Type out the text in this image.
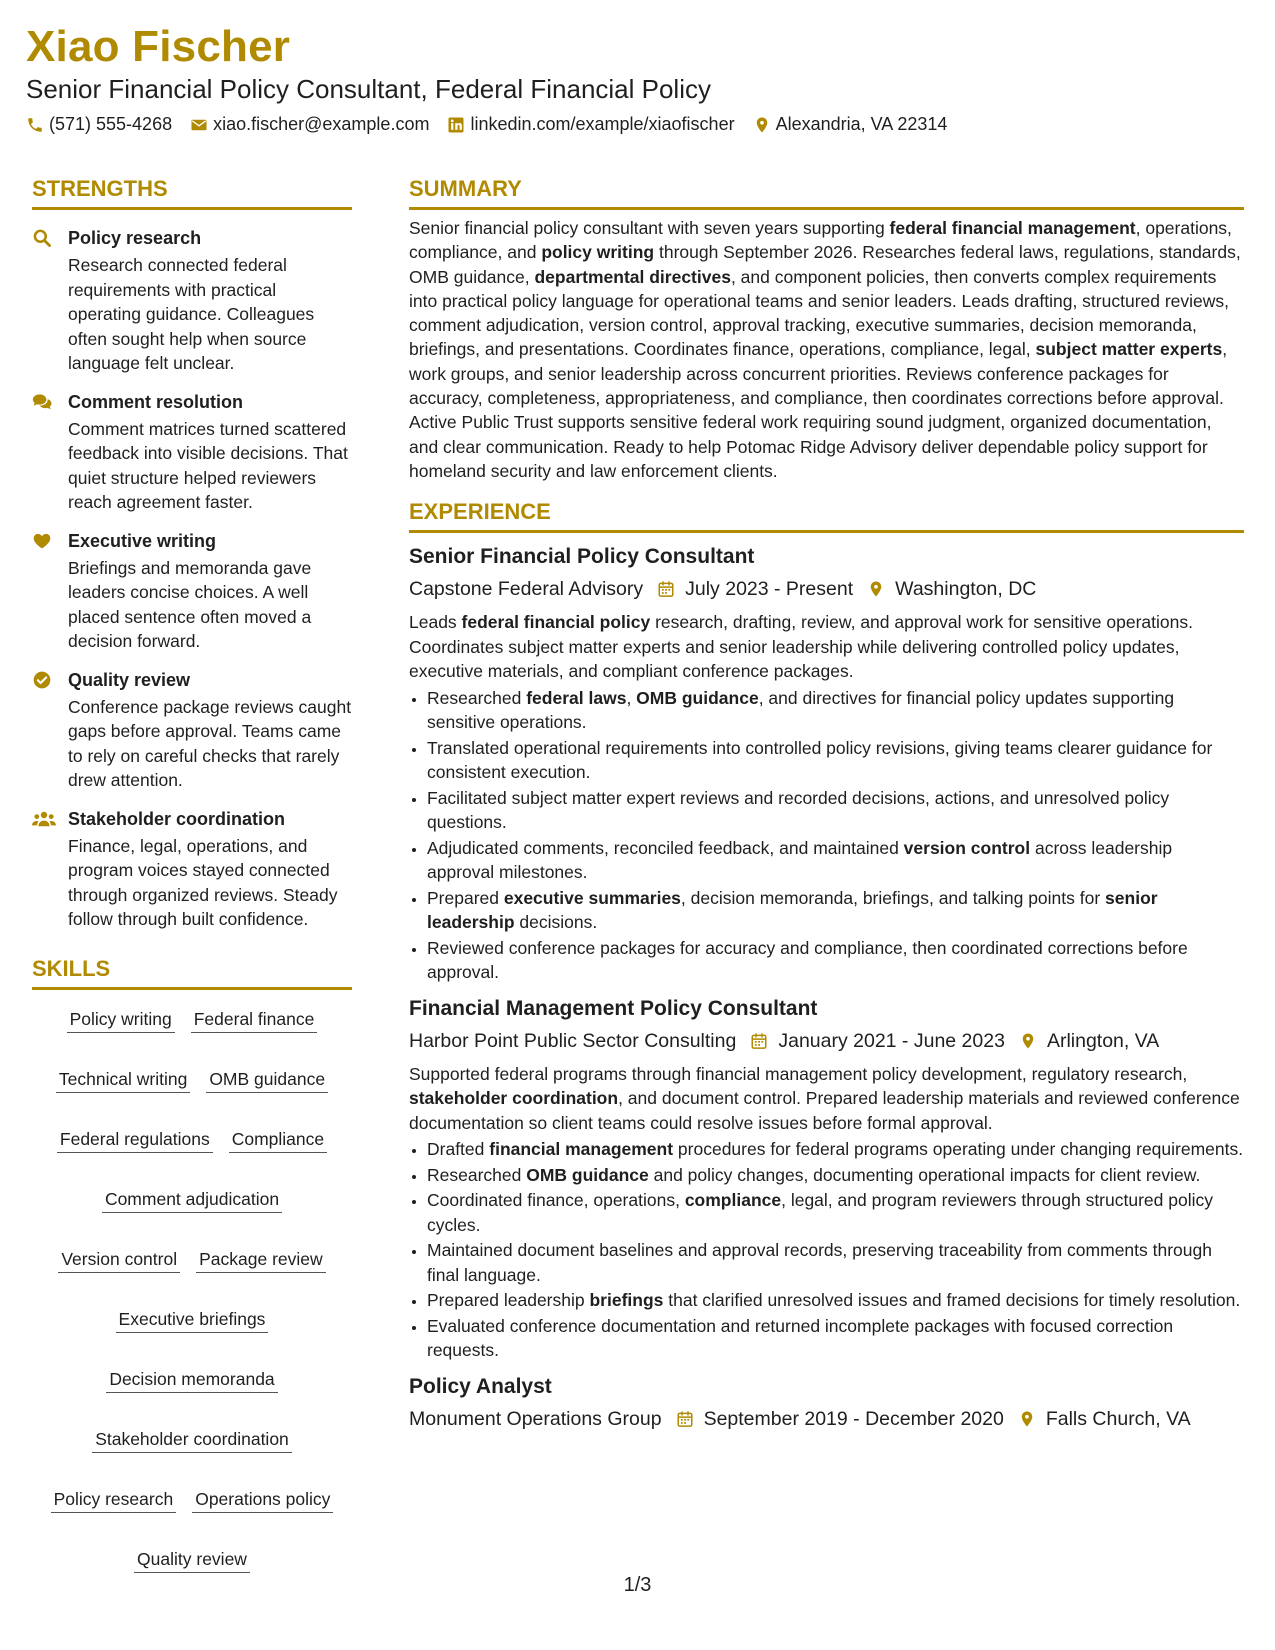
Xiao Fischer
Senior Financial Policy Consultant, Federal Financial Policy
(571) 555-4268 xiao.fischer@example.com linkedin.com/example/xiaofischer Alexandria, VA 22314
STRENGTHS

Policy research

Research connected federal requirements with practical operating guidance. Colleagues often sought help when source language felt unclear.

Comment resolution

Comment matrices turned scattered feedback into visible decisions. That quiet structure helped reviewers reach agreement faster.

Executive writing

Briefings and memoranda gave leaders concise choices. A well placed sentence often moved a decision forward.

Quality review

Conference package reviews caught gaps before approval. Teams came to rely on careful checks that rarely drew attention.

Stakeholder coordination

Finance, legal, operations, and program voices stayed connected through organized reviews. Steady follow through built confidence.

SKILLS
Policy writing Federal finance
Technical writing OMB guidance
Federal regulations Compliance
Comment adjudication
Version control Package review
Executive briefings
Decision memoranda
Stakeholder coordination
Policy research Operations policy
Quality review
SUMMARY

Senior financial policy consultant with seven years supporting federal financial management, operations, compliance, and policy writing through September 2026. Researches federal laws, regulations, standards, OMB guidance, departmental directives, and component policies, then converts complex requirements into practical policy language for operational teams and senior leaders. Leads drafting, structured reviews, comment adjudication, version control, approval tracking, executive summaries, decision memoranda, briefings, and presentations. Coordinates finance, operations, compliance, legal, subject matter experts, work groups, and senior leadership across concurrent priorities. Reviews conference packages for accuracy, completeness, appropriateness, and compliance, then coordinates corrections before approval. Active Public Trust supports sensitive federal work requiring sound judgment, organized documentation, and clear communication. Ready to help Potomac Ridge Advisory deliver dependable policy support for homeland security and law enforcement clients.

EXPERIENCE

Senior Financial Policy Consultant

Capstone Federal Advisory July 2023 - Present Washington, DC

Leads federal financial policy research, drafting, review, and approval work for sensitive operations. Coordinates subject matter experts and senior leadership while delivering controlled policy updates, executive materials, and compliant conference packages.

• Researched federal laws, OMB guidance, and directives for financial policy updates supporting sensitive operations.
• Translated operational requirements into controlled policy revisions, giving teams clearer guidance for consistent execution.
• Facilitated subject matter expert reviews and recorded decisions, actions, and unresolved policy questions.
• Adjudicated comments, reconciled feedback, and maintained version control across leadership approval milestones.
• Prepared executive summaries, decision memoranda, briefings, and talking points for senior leadership decisions.
• Reviewed conference packages for accuracy and compliance, then coordinated corrections before approval.

Financial Management Policy Consultant

Harbor Point Public Sector Consulting January 2021 - June 2023 Arlington, VA

Supported federal programs through financial management policy development, regulatory research, stakeholder coordination, and document control. Prepared leadership materials and reviewed conference documentation so client teams could resolve issues before formal approval.

• Drafted financial management procedures for federal programs operating under changing requirements.
• Researched OMB guidance and policy changes, documenting operational impacts for client review.
• Coordinated finance, operations, compliance, legal, and program reviewers through structured policy cycles.
• Maintained document baselines and approval records, preserving traceability from comments through final language.
• Prepared leadership briefings that clarified unresolved issues and framed decisions for timely resolution.
• Evaluated conference documentation and returned incomplete packages with focused correction requests.

Policy Analyst

Monument Operations Group September 2019 - December 2020 Falls Church, VA
1/3
